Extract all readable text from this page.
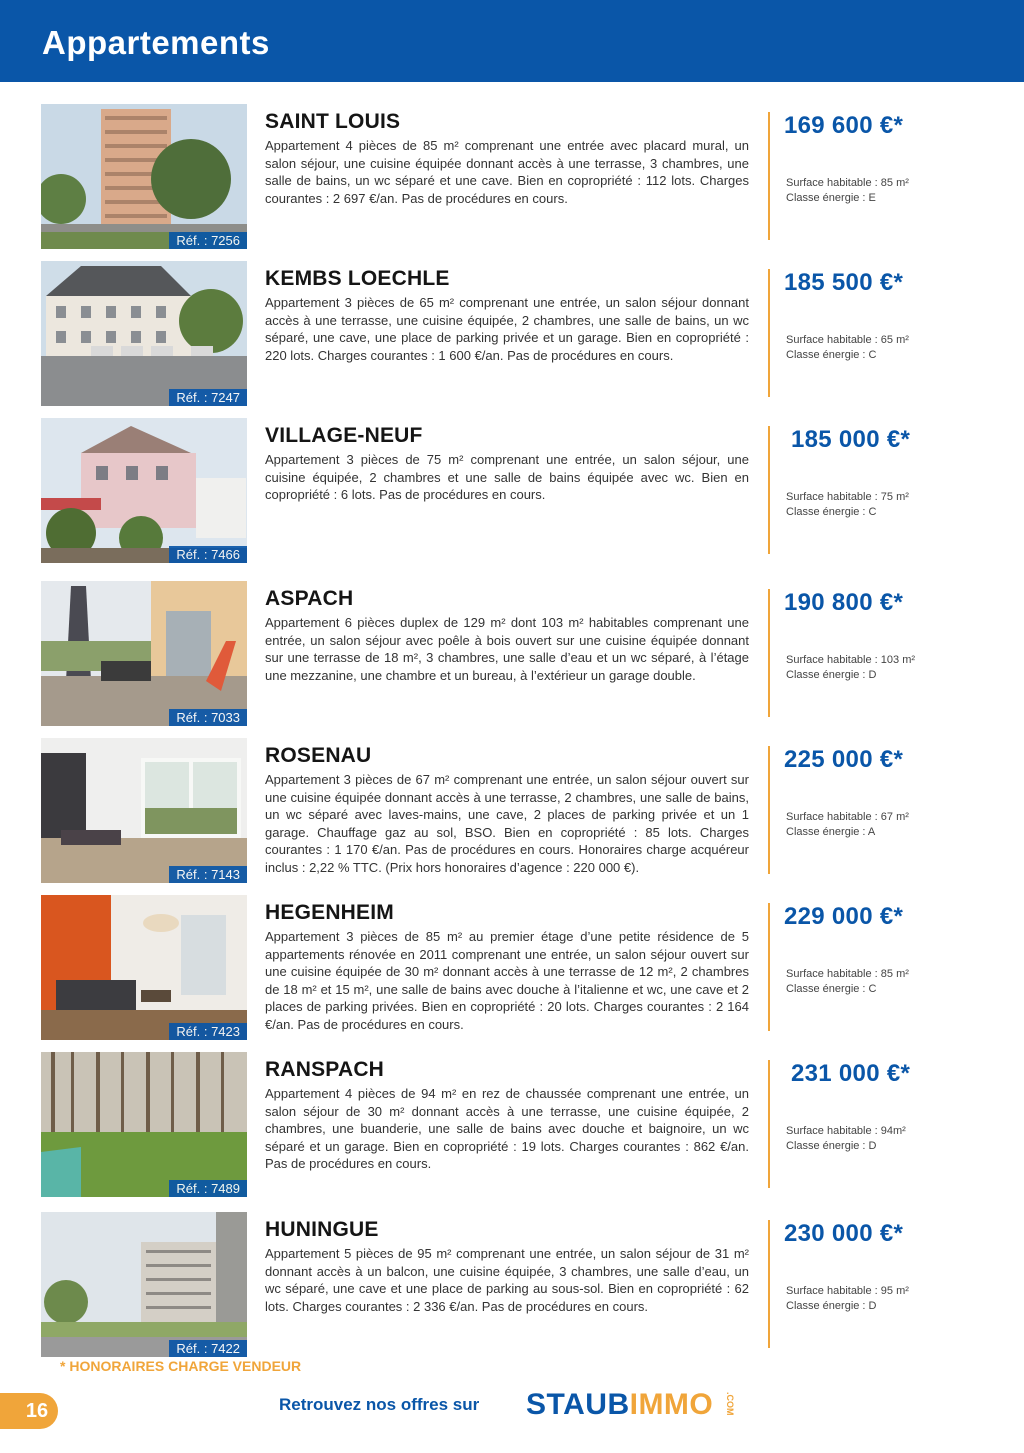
Appartements
Réf. : 7256
SAINT LOUIS
Appartement 4 pièces de 85 m² comprenant une entrée avec placard mural, un salon séjour, une cuisine équipée donnant accès à une terrasse, 3 chambres, une salle de bains, un wc séparé et une cave. Bien en copropriété : 112 lots. Charges courantes : 2 697 €/an. Pas de procédures en cours.
169 600 €*
Surface habitable : 85 m²
Classe énergie : E
Réf. : 7247
KEMBS LOECHLE
Appartement 3 pièces de 65 m² comprenant une entrée, un salon séjour donnant accès à une terrasse, une cuisine équipée, 2 chambres, une salle de bains, un wc séparé, une cave, une place de parking privée et un garage. Bien en copropriété : 220 lots. Charges courantes : 1 600 €/an. Pas de procédures en cours.
185 500 €*
Surface habitable : 65 m²
Classe énergie : C
Réf. : 7466
VILLAGE-NEUF
Appartement 3 pièces de 75 m² comprenant une entrée, un salon séjour, une cuisine équipée, 2 chambres et une salle de bains équipée avec wc. Bien en copropriété : 6 lots. Pas de procédures en cours.
185 000 €*
Surface habitable : 75 m²
Classe énergie : C
Réf. : 7033
ASPACH
Appartement 6 pièces duplex de 129 m² dont 103 m² habitables comprenant une entrée, un salon séjour avec poêle à bois ouvert sur une cuisine équipée donnant sur une terrasse de 18 m², 3 chambres, une salle d’eau et un wc séparé, à l’étage une mezzanine, une chambre et un bureau, à l’extérieur un garage double.
190 800 €*
Surface habitable : 103 m²
Classe énergie : D
Réf. : 7143
ROSENAU
Appartement 3 pièces de 67 m² comprenant une entrée, un salon séjour ouvert sur une cuisine équipée donnant accès à une terrasse, 2 chambres, une salle de bains, un wc séparé avec laves-mains, une cave, 2 places de parking privée et un 1 garage. Chauffage gaz au sol, BSO. Bien en copropriété : 85 lots. Charges courantes : 1 170 €/an. Pas de procédures en cours. Honoraires charge acquéreur inclus : 2,22 % TTC. (Prix hors honoraires d’agence : 220 000 €).
225 000 €*
Surface habitable : 67 m²
Classe énergie : A
Réf. : 7423
HEGENHEIM
Appartement 3 pièces de 85 m² au premier étage d’une petite résidence de 5 appartements rénovée en 2011 comprenant une entrée, un salon séjour ouvert sur une cuisine équipée de 30 m² donnant accès à une terrasse de 12 m², 2 chambres de 18 m² et 15 m², une salle de bains avec douche à l’italienne et wc, une cave et 2 places de parking privées. Bien en copropriété : 20 lots. Charges courantes : 2 164 €/an. Pas de procédures en cours.
229 000 €*
Surface habitable : 85 m²
Classe énergie : C
Réf. : 7489
RANSPACH
Appartement 4 pièces de 94 m² en rez de chaussée comprenant une entrée, un salon séjour de 30 m² donnant accès à une terrasse, une cuisine équipée, 2 chambres, une buanderie, une salle de bains avec douche et baignoire, un wc séparé et un garage. Bien en copropriété : 19 lots. Charges courantes : 862 €/an. Pas de procédures en cours.
231 000 €*
Surface habitable : 94m²
Classe énergie : D
Réf. : 7422
HUNINGUE
Appartement 5 pièces de 95 m² comprenant une entrée, un salon séjour de 31 m² donnant accès à un balcon, une cuisine équipée, 3 chambres, une salle d’eau, un wc séparé, une cave et une place de parking au sous-sol. Bien en copropriété : 62 lots. Charges courantes : 2 336 €/an. Pas de procédures en cours.
230 000 €*
Surface habitable : 95 m²
Classe énergie : D
* HONORAIRES CHARGE VENDEUR
16	Retrouvez nos offres sur STAUBIMMO .COM
